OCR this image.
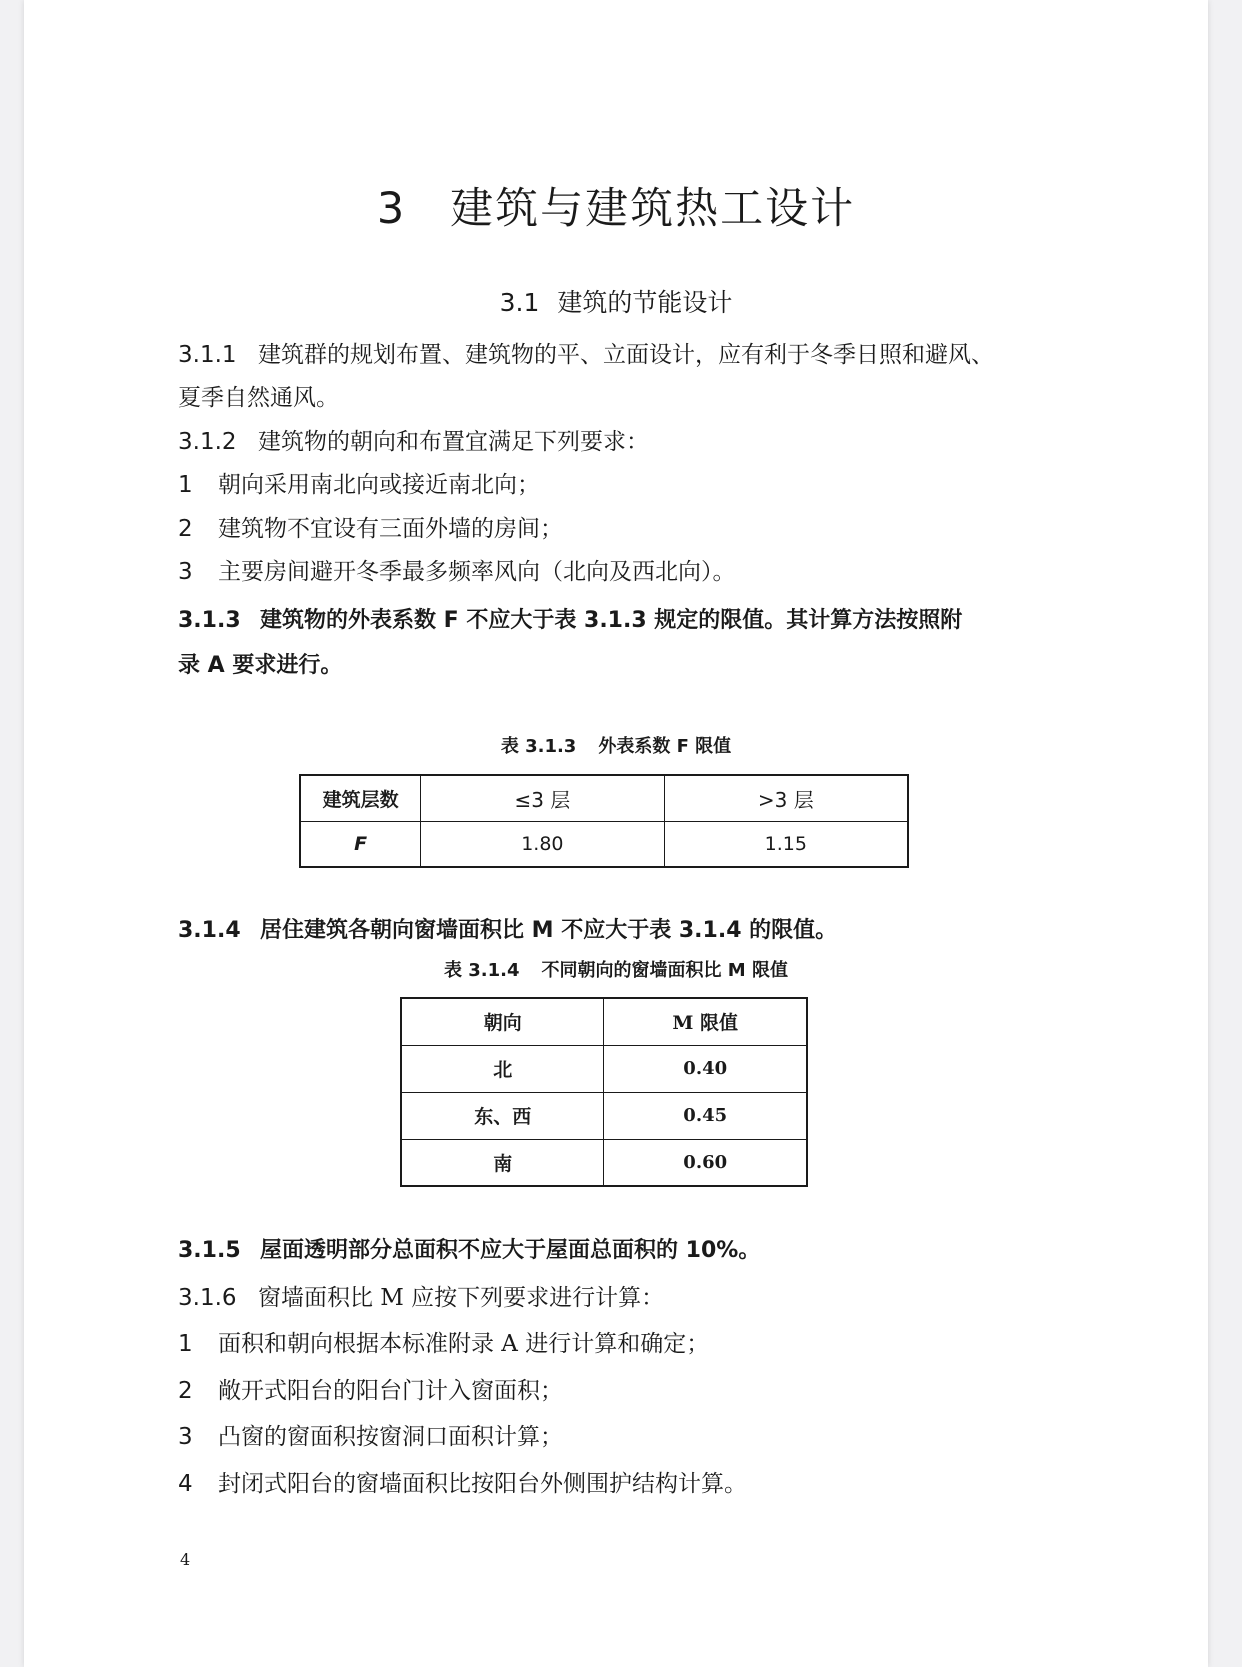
3 建筑与建筑热工设计
3.1 建筑的节能设计
3.1.1 建筑群的规划布置、建筑物的平、立面设计，应有利于冬季日照和避风、
夏季自然通风。
3.1.2 建筑物的朝向和布置宜满足下列要求：
1 朝向采用南北向或接近南北向；
2 建筑物不宜设有三面外墙的房间；
3 主要房间避开冬季最多频率风向（北向及西北向）。
3.1.3 建筑物的外表系数 F 不应大于表 3.1.3 规定的限值。其计算方法按照附
录 A 要求进行。
表 3.1.3 外表系数 F 限值
建筑层数	≤3 层	>3 层
F	1.80	1.15
3.1.4 居住建筑各朝向窗墙面积比 M 不应大于表 3.1.4 的限值。
表 3.1.4 不同朝向的窗墙面积比 M 限值
朝向	M 限值
北	0.40
东、西	0.45
南	0.60
3.1.5 屋面透明部分总面积不应大于屋面总面积的 10%。
3.1.6 窗墙面积比 M 应按下列要求进行计算：
1 面积和朝向根据本标准附录 A 进行计算和确定；
2 敞开式阳台的阳台门计入窗面积；
3 凸窗的窗面积按窗洞口面积计算；
4 封闭式阳台的窗墙面积比按阳台外侧围护结构计算。
4
